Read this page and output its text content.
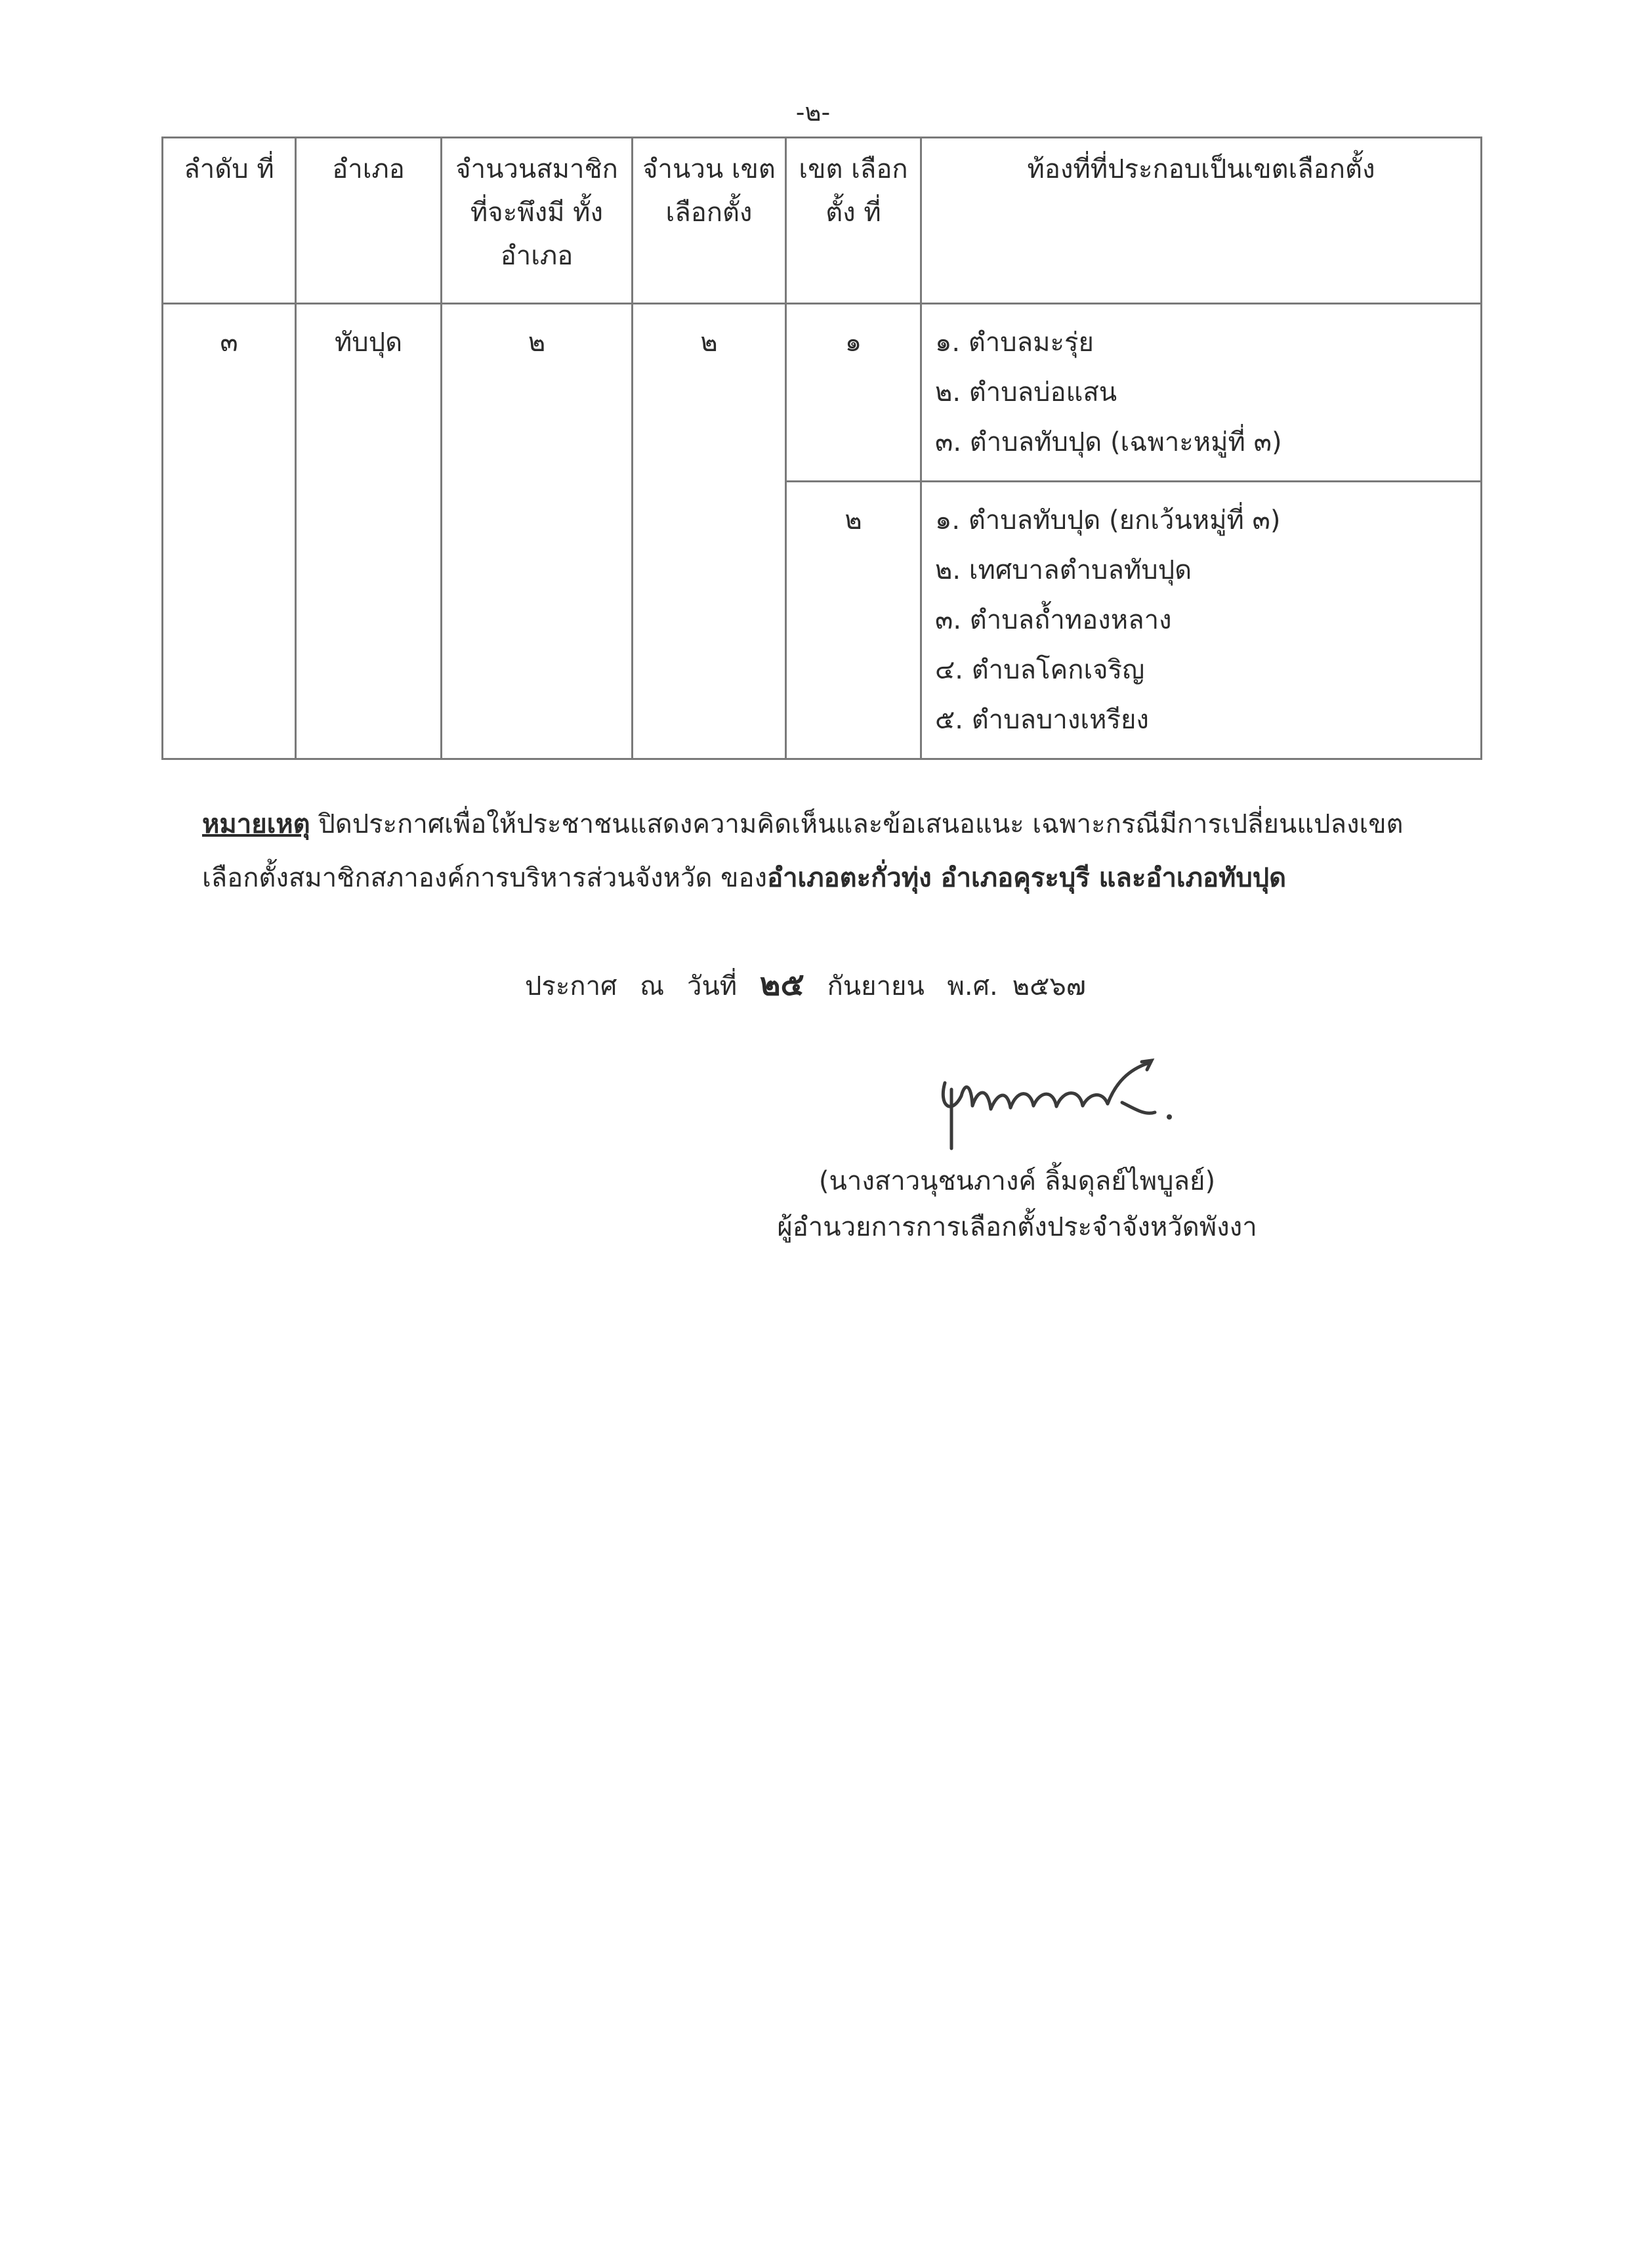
-๒-
ลำดับ ที่	อำเภอ	จำนวนสมาชิก ที่จะพึงมี ทั้งอำเภอ	จำนวน เขต เลือกตั้ง	เขต เลือกตั้ง ที่	ท้องที่ที่ประกอบเป็นเขตเลือกตั้ง
๓	ทับปุด	๒	๒	๑	๑. ตำบลมะรุ่ย
๒. ตำบลบ่อแสน
๓. ตำบลทับปุด (เฉพาะหมู่ที่ ๓)

				๒	๑. ตำบลทับปุด (ยกเว้นหมู่ที่ ๓)
๒. เทศบาลตำบลทับปุด
๓. ตำบลถ้ำทองหลาง
๔. ตำบลโคกเจริญ
๕. ตำบลบางเหรียง
หมายเหตุ ปิดประกาศเพื่อให้ประชาชนแสดงความคิดเห็นและข้อเสนอแนะ เฉพาะกรณีมีการเปลี่ยนแปลงเขตเลือกตั้งสมาชิกสภาองค์การบริหารส่วนจังหวัด ของอำเภอตะกั่วทุ่ง อำเภอคุระบุรี และอำเภอทับปุด
ประกาศ ณ วันที่ ๒๕ กันยายน พ.ศ. ๒๕๖๗
(นางสาวนุชนภางค์ ลิ้มดุลย์ไพบูลย์)
ผู้อำนวยการการเลือกตั้งประจำจังหวัดพังงา
